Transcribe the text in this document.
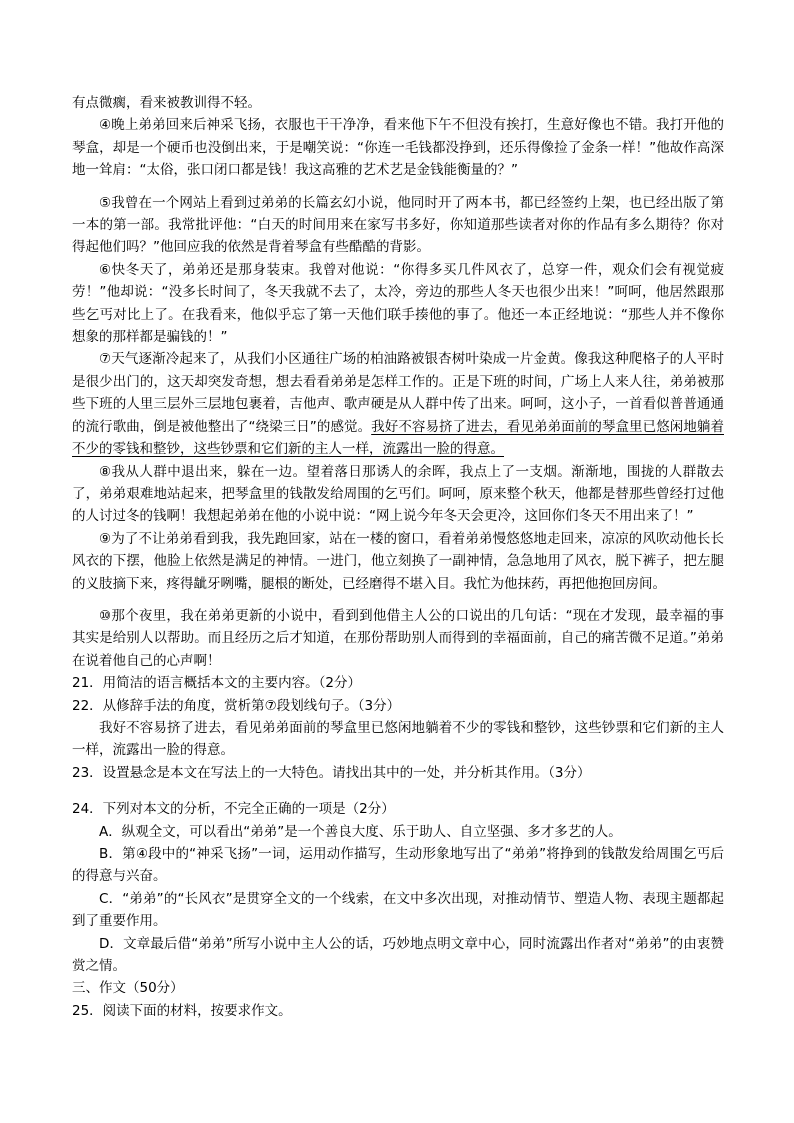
有点微瘸，看来被教训得不轻。

④晚上弟弟回来后神采飞扬，衣服也干干净净，看来他下午不但没有挨打，生意好像也不错。我打开他的琴盒，却是一个硬币也没倒出来，于是嘲笑说：“你连一毛钱都没挣到，还乐得像捡了金条一样！”他故作高深地一耸肩：“太俗，张口闭口都是钱！我这高雅的艺术艺是金钱能衡量的？”

⑤我曾在一个网站上看到过弟弟的长篇玄幻小说，他同时开了两本书，都已经签约上架，也已经出版了第一本的第一部。我常批评他：“白天的时间用来在家写书多好，你知道那些读者对你的作品有多么期待？你对得起他们吗？”他回应我的依然是背着琴盒有些酷酷的背影。

⑥快冬天了，弟弟还是那身装束。我曾对他说：“你得多买几件风衣了，总穿一件，观众们会有视觉疲劳！”他却说：“没多长时间了，冬天我就不去了，太冷，旁边的那些人冬天也很少出来！”呵呵，他居然跟那些乞丐对比上了。在我看来，他似乎忘了第一天他们联手揍他的事了。他还一本正经地说：“那些人并不像你想象的那样都是骗钱的！”

⑦天气逐渐冷起来了，从我们小区通往广场的柏油路被银杏树叶染成一片金黄。像我这种爬格子的人平时是很少出门的，这天却突发奇想，想去看看弟弟是怎样工作的。正是下班的时间，广场上人来人往，弟弟被那些下班的人里三层外三层地包裹着，吉他声、歌声硬是从人群中传了出来。呵呵，这小子，一首看似普普通通的流行歌曲，倒是被他整出了“绕梁三日”的感觉。我好不容易挤了进去，看见弟弟面前的琴盒里已悠闲地躺着不少的零钱和整钞，这些钞票和它们新的主人一样，流露出一脸的得意。

⑧我从人群中退出来，躲在一边。望着落日那诱人的余晖，我点上了一支烟。渐渐地，围拢的人群散去了，弟弟艰难地站起来，把琴盒里的钱散发给周围的乞丐们。呵呵，原来整个秋天，他都是替那些曾经打过他的人讨过冬的钱啊！我想起弟弟在他的小说中说：“网上说今年冬天会更冷，这回你们冬天不用出来了！”

⑨为了不让弟弟看到我，我先跑回家，站在一楼的窗口，看着弟弟慢悠悠地走回来，凉凉的风吹动他长长风衣的下摆，他脸上依然是满足的神情。一进门，他立刻换了一副神情，急急地用了风衣，脱下裤子，把左腿的义肢摘下来，疼得龇牙咧嘴，腿根的断处，已经磨得不堪入目。我忙为他抹药，再把他抱回房间。

⑩那个夜里，我在弟弟更新的小说中，看到到他借主人公的口说出的几句话：“现在才发现，最幸福的事其实是给别人以帮助。而且经历之后才知道，在那份帮助别人而得到的幸福面前，自己的痛苦微不足道。”弟弟在说着他自己的心声啊！

21．用简洁的语言概括本文的主要内容。（2分）

22．从修辞手法的角度，赏析第⑦段划线句子。（3分）

我好不容易挤了进去，看见弟弟面前的琴盒里已悠闲地躺着不少的零钱和整钞，这些钞票和它们新的主人一样，流露出一脸的得意。

23．设置悬念是本文在写法上的一大特色。请找出其中的一处，并分析其作用。（3分）

24．下列对本文的分析，不完全正确的一项是（2分）

A．纵观全文，可以看出“弟弟”是一个善良大度、乐于助人、自立坚强、多才多艺的人。

B．第④段中的“神采飞扬”一词，运用动作描写，生动形象地写出了“弟弟”将挣到的钱散发给周围乞丐后的得意与兴奋。

C．“弟弟”的“长风衣”是贯穿全文的一个线索，在文中多次出现，对推动情节、塑造人物、表现主题都起到了重要作用。

D．文章最后借“弟弟”所写小说中主人公的话，巧妙地点明文章中心，同时流露出作者对“弟弟”的由衷赞赏之情。

三、作文（50分）

25．阅读下面的材料，按要求作文。
